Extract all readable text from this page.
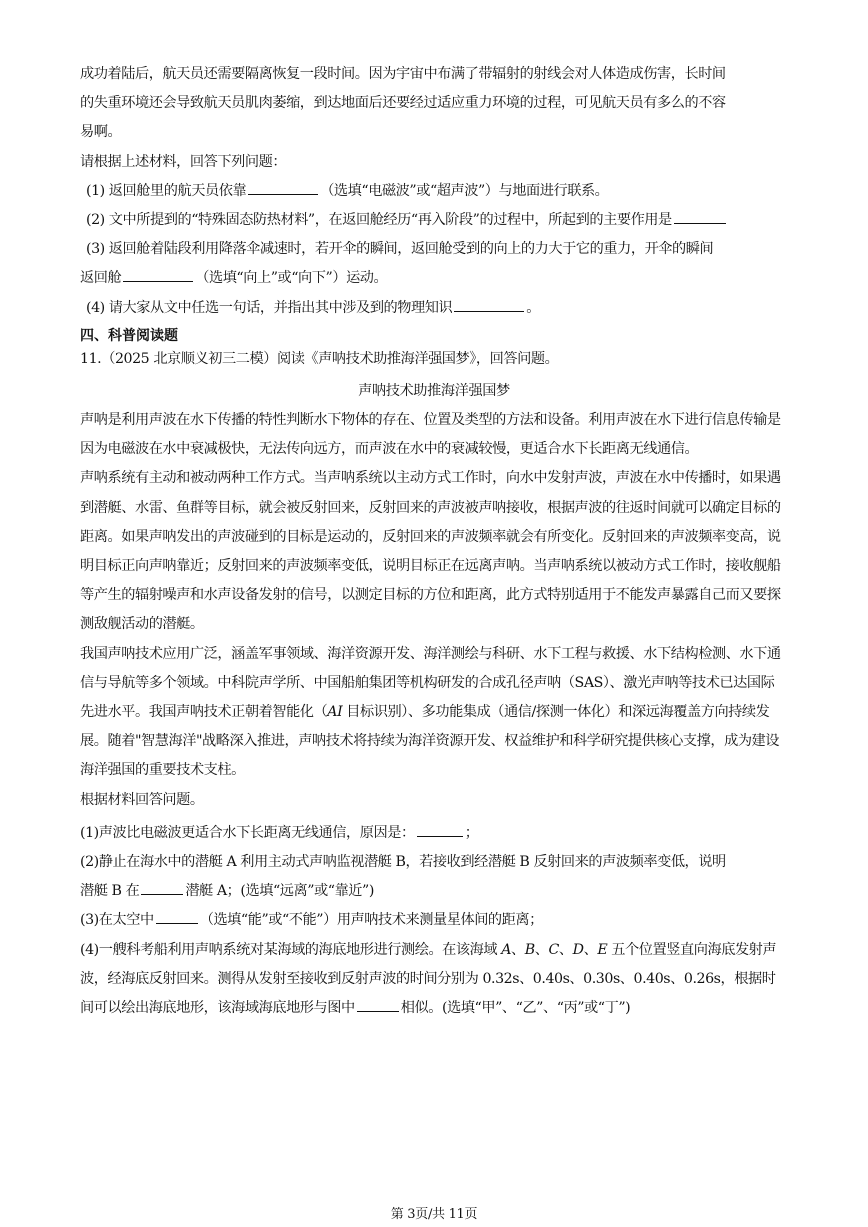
成功着陆后，航天员还需要隔离恢复一段时间。因为宇宙中布满了带辐射的射线会对人体造成伤害，长时间

的失重环境还会导致航天员肌肉萎缩，到达地面后还要经过适应重力环境的过程，可见航天员有多么的不容

易啊。

请根据上述材料，回答下列问题：

(1) 返回舱里的航天员依靠	（选填“电磁波”或“超声波”）与地面进行联系。

(2) 文中所提到的“特殊固态防热材料”，在返回舱经历“再入阶段”的过程中，所起到的主要作用是

(3) 返回舱着陆段利用降落伞减速时，若开伞的瞬间，返回舱受到的向上的力大于它的重力，开伞的瞬间

返回舱	（选填“向上”或“向下”）运动。

(4) 请大家从文中任选一句话，并指出其中涉及到的物理知识	。

四、科普阅读题

11.（2025 北京顺义初三二模）阅读《声呐技术助推海洋强国梦》，回答问题。

声呐技术助推海洋强国梦

声呐是利用声波在水下传播的特性判断水下物体的存在、位置及类型的方法和设备。利用声波在水下进行信息传输是因为电磁波在水中衰减极快，无法传向远方，而声波在水中的衰减较慢，更适合水下长距离无线通信。

声呐系统有主动和被动两种工作方式。当声呐系统以主动方式工作时，向水中发射声波，声波在水中传播时，如果遇到潜艇、水雷、鱼群等目标，就会被反射回来，反射回来的声波被声呐接收，根据声波的往返时间就可以确定目标的距离。如果声呐发出的声波碰到的目标是运动的，反射回来的声波频率就会有所变化。反射回来的声波频率变高，说明目标正向声呐靠近；反射回来的声波频率变低，说明目标正在远离声呐。当声呐系统以被动方式工作时，接收舰船等产生的辐射噪声和水声设备发射的信号，以测定目标的方位和距离，此方式特别适用于不能发声暴露自己而又要探测敌舰活动的潜艇。

我国声呐技术应用广泛，涵盖军事领域、海洋资源开发、海洋测绘与科研、水下工程与救援、水下结构检测、水下通信与导航等多个领域。中科院声学所、中国船舶集团等机构研发的合成孔径声呐（SAS）、激光声呐等技术已达国际先进水平。我国声呐技术正朝着智能化（AI 目标识别）、多功能集成（通信/探测一体化）和深远海覆盖方向持续发展。随着"智慧海洋"战略深入推进，声呐技术将持续为海洋资源开发、权益维护和科学研究提供核心支撑，成为建设海洋强国的重要技术支柱。

根据材料回答问题。

(1)声波比电磁波更适合水下长距离无线通信，原因是：	；

(2)静止在海水中的潜艇 A 利用主动式声呐监视潜艇 B，若接收到经潜艇 B 反射回来的声波频率变低，说明

潜艇 B 在	潜艇 A；(选填“远离”或“靠近”)

(3)在太空中	（选填“能”或“不能”）用声呐技术来测量星体间的距离；

(4)一艘科考船利用声呐系统对某海域的海底地形进行测绘。在该海域 A、B、C、D、E 五个位置竖直向海底发射声波，经海底反射回来。测得从发射至接收到反射声波的时间分别为 0.32s、0.40s、0.30s、0.40s、0.26s，根据时间可以绘出海底地形，该海域海底地形与图中	相似。(选填“甲”、“乙”、“丙”或“丁”)

第 3页/共 11页
